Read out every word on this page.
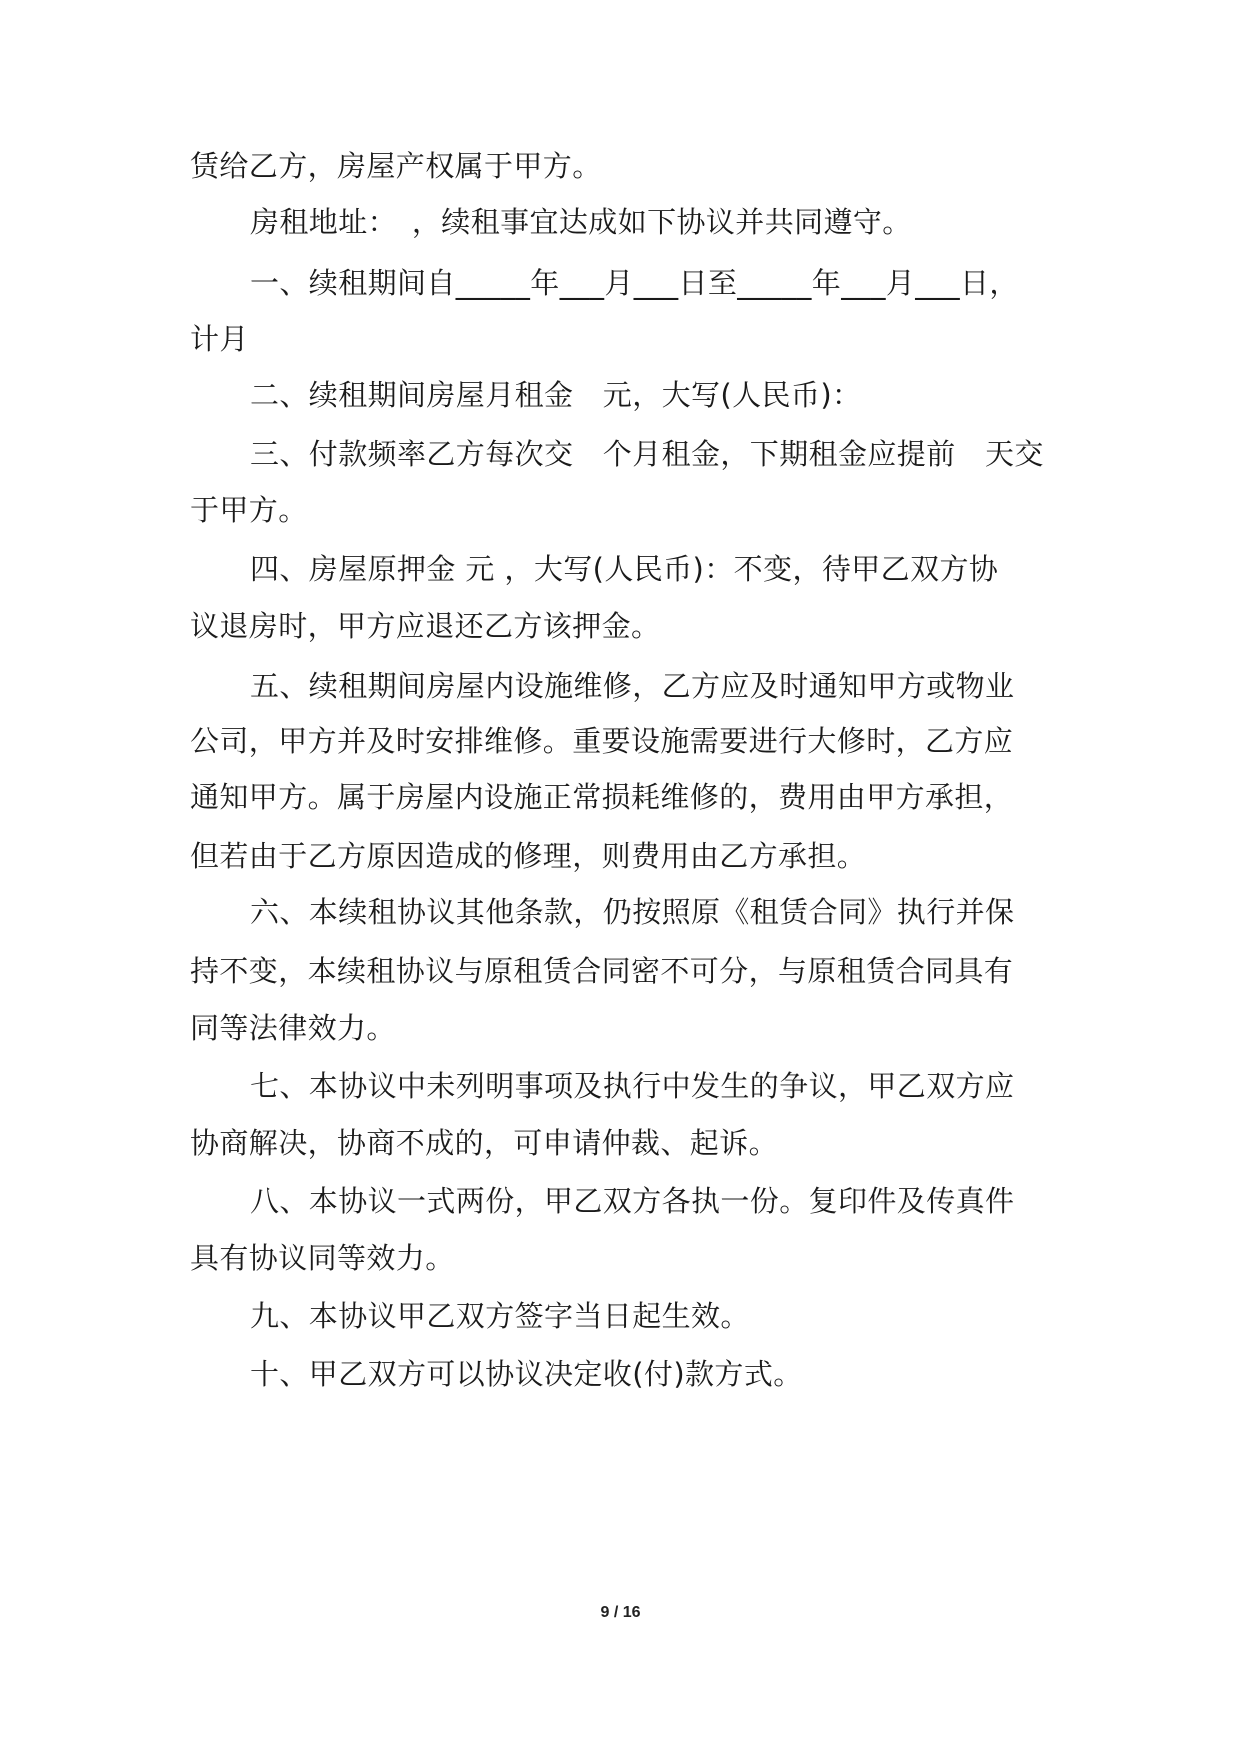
赁给乙方，房屋产权属于甲方。
房租地址：　，续租事宜达成如下协议并共同遵守。
一、续租期间自_____年___月___日至_____年___月___日，
计月
二、续租期间房屋月租金　元，大写(人民币)：
三、付款频率乙方每次交　个月租金，下期租金应提前　天交
于甲方。
四、房屋原押金 元 ，大写(人民币)：不变，待甲乙双方协
议退房时，甲方应退还乙方该押金。
五、续租期间房屋内设施维修，乙方应及时通知甲方或物业
公司，甲方并及时安排维修。重要设施需要进行大修时，乙方应
通知甲方。属于房屋内设施正常损耗维修的，费用由甲方承担，
但若由于乙方原因造成的修理，则费用由乙方承担。
六、本续租协议其他条款，仍按照原《租赁合同》执行并保
持不变，本续租协议与原租赁合同密不可分，与原租赁合同具有
同等法律效力。
七、本协议中未列明事项及执行中发生的争议，甲乙双方应
协商解决，协商不成的，可申请仲裁、起诉。
八、本协议一式两份，甲乙双方各执一份。复印件及传真件
具有协议同等效力。
九、本协议甲乙双方签字当日起生效。
十、甲乙双方可以协议决定收(付)款方式。
9 / 16
